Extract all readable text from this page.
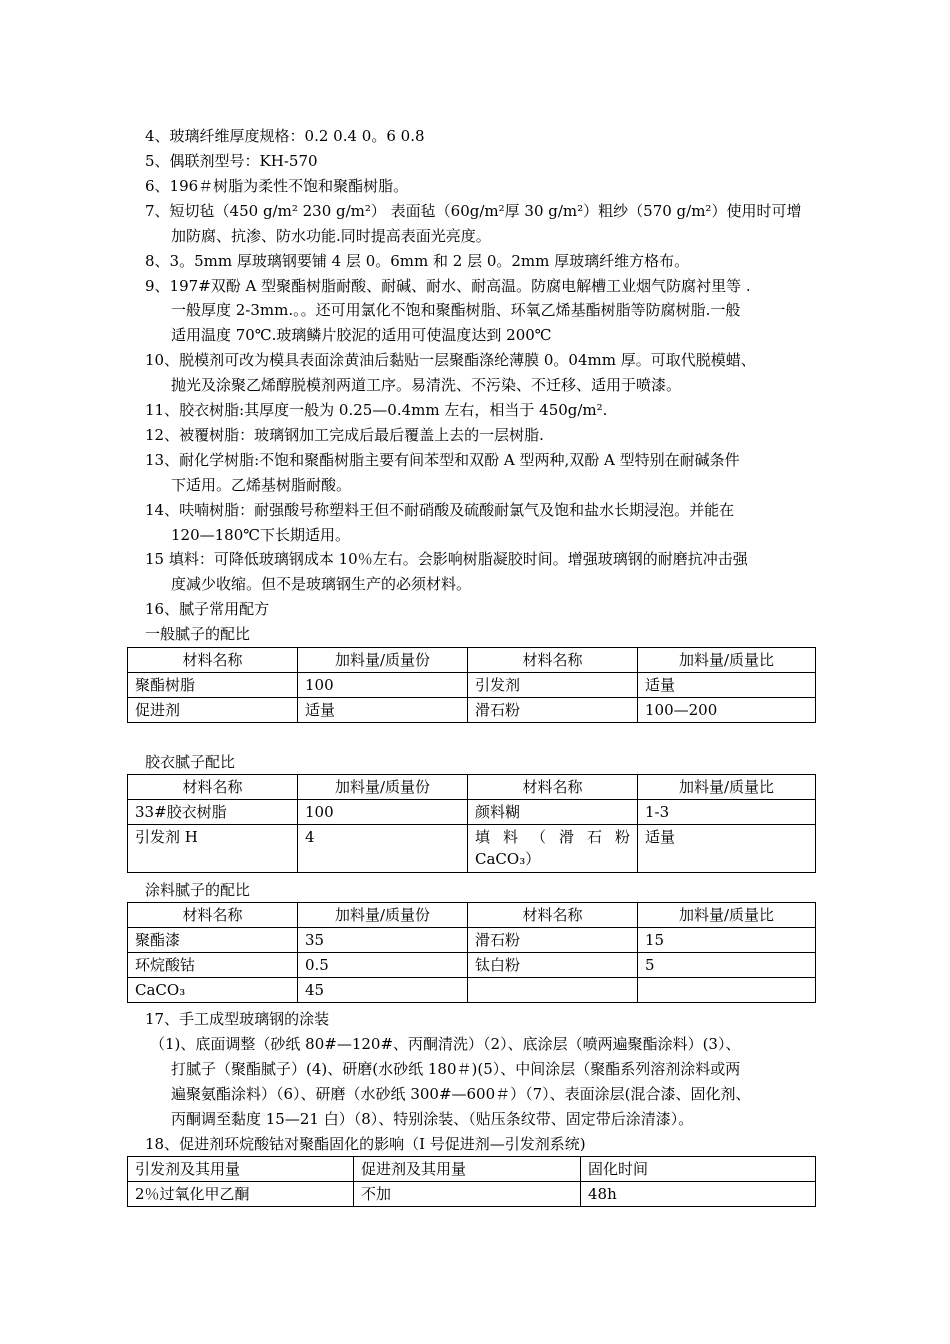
4、玻璃纤维厚度规格：0.2 0.4 0。6 0.8
5、偶联剂型号：KH-570
6、196＃树脂为柔性不饱和聚酯树脂。
7、短切毡（450 g/m² 230 g/m²） 表面毡（60g/m²厚 30 g/m²）粗纱（570 g/m²）使用时可增
加防腐、抗渗、防水功能.同时提高表面光亮度。
8、3。5mm 厚玻璃钢要铺 4 层 0。6mm 和 2 层 0。2mm 厚玻璃纤维方格布。
9、197#双酚 A 型聚酯树脂耐酸、耐碱、耐水、耐高温。防腐电解槽工业烟气防腐衬里等 .
一般厚度 2-3mm.。。还可用氯化不饱和聚酯树脂、环氧乙烯基酯树脂等防腐树脂.一般
适用温度 70℃.玻璃鳞片胶泥的适用可使温度达到 200℃
10、脱模剂可改为模具表面涂黄油后黏贴一层聚酯涤纶薄膜 0。04mm 厚。可取代脱模蜡、
抛光及涂聚乙烯醇脱模剂两道工序。易清洗、不污染、不迁移、适用于喷漆。
11、胶衣树脂:其厚度一般为 0.25—0.4mm 左右，相当于 450g/m².
12、被覆树脂：玻璃钢加工完成后最后覆盖上去的一层树脂.
13、耐化学树脂:不饱和聚酯树脂主要有间苯型和双酚 A 型两种,双酚 A 型特别在耐碱条件
下适用。乙烯基树脂耐酸。
14、呋喃树脂：耐强酸号称塑料王但不耐硝酸及硫酸耐氯气及饱和盐水长期浸泡。并能在
120—180℃下长期适用。
15 填料：可降低玻璃钢成本 10％左右。会影响树脂凝胶时间。增强玻璃钢的耐磨抗冲击强
度减少收缩。但不是玻璃钢生产的必须材料。
16、腻子常用配方
一般腻子的配比
材料名称	加料量/质量份	材料名称	加料量/质量比
聚酯树脂	100	引发剂	适量
促进剂	适量	滑石粉	100—200
胶衣腻子配比
材料名称	加料量/质量份	材料名称	加料量/质量比
33#胶衣树脂	100	颜料糊	1-3
引发剂 H	4	填 料 （ 滑 石 粉
CaCO₃）	适量
涂料腻子的配比
材料名称	加料量/质量份	材料名称	加料量/质量比
聚酯漆	35	滑石粉	15
环烷酸钴	0.5	钛白粉	5
CaCO₃	45		
17、手工成型玻璃钢的涂装
（1)、底面调整（砂纸 80#—120#、丙酮清洗）（2）、底涂层（喷两遍聚酯涂料）(3）、
打腻子（聚酯腻子）(4)、研磨(水砂纸 180＃)(5）、中间涂层（聚酯系列溶剂涂料或两
遍聚氨酯涂料）（6）、研磨（水砂纸 300#—600＃）（7）、表面涂层(混合漆、固化剂、
丙酮调至黏度 15—21 白）（8）、特别涂装、（贴压条纹带、固定带后涂清漆）。
18、促进剂环烷酸钴对聚酯固化的影响（I 号促进剂—引发剂系统)
引发剂及其用量	促进剂及其用量	固化时间
2％过氧化甲乙酮	不加	48h
